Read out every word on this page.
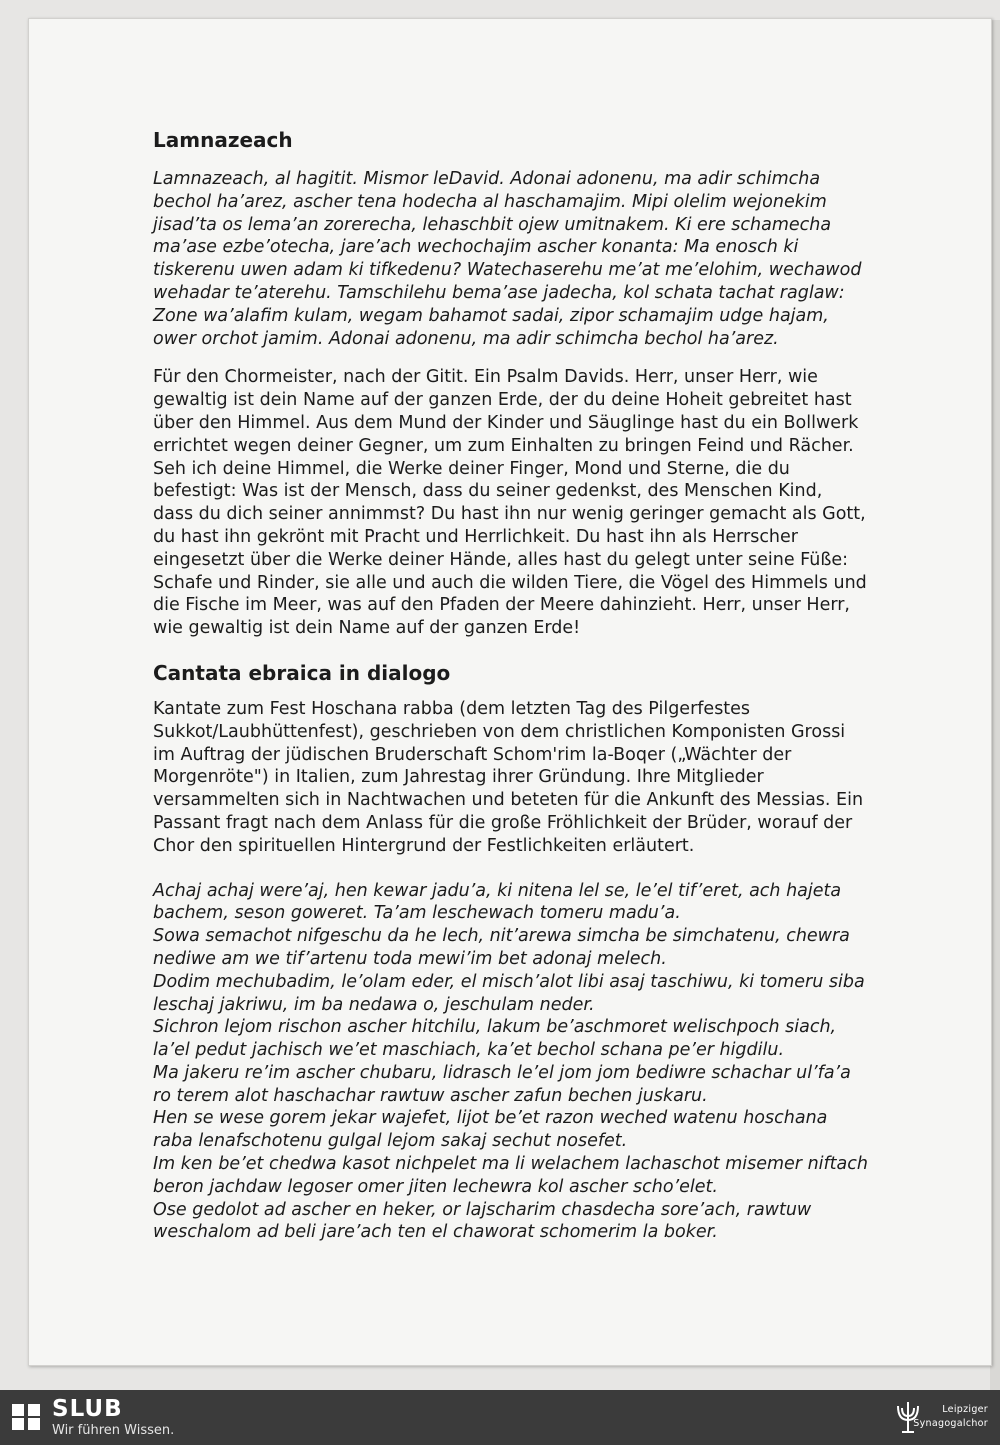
Lamnazeach

Lamnazeach, al hagitit. Mismor leDavid. Adonai adonenu, ma adir schimcha

bechol ha’arez, ascher tena hodecha al haschamajim. Mipi olelim wejonekim

jisad’ta os lema’an zorerecha, lehaschbit ojew umitnakem. Ki ere schamecha

ma’ase ezbe’otecha, jare’ach wechochajim ascher konanta: Ma enosch ki

tiskerenu uwen adam ki tifkedenu? Watechaserehu me’at me’elohim, wechawod

wehadar te’aterehu. Tamschilehu bema’ase jadecha, kol schata tachat raglaw:

Zone wa’alafim kulam, wegam bahamot sadai, zipor schamajim udge hajam,

ower orchot jamim. Adonai adonenu, ma adir schimcha bechol ha’arez.

Für den Chormeister, nach der Gitit. Ein Psalm Davids. Herr, unser Herr, wie

gewaltig ist dein Name auf der ganzen Erde, der du deine Hoheit gebreitet hast

über den Himmel. Aus dem Mund der Kinder und Säuglinge hast du ein Bollwerk

errichtet wegen deiner Gegner, um zum Einhalten zu bringen Feind und Rächer.

Seh ich deine Himmel, die Werke deiner Finger, Mond und Sterne, die du

befestigt: Was ist der Mensch, dass du seiner gedenkst, des Menschen Kind,

dass du dich seiner annimmst? Du hast ihn nur wenig geringer gemacht als Gott,

du hast ihn gekrönt mit Pracht und Herrlichkeit. Du hast ihn als Herrscher

eingesetzt über die Werke deiner Hände, alles hast du gelegt unter seine Füße:

Schafe und Rinder, sie alle und auch die wilden Tiere, die Vögel des Himmels und

die Fische im Meer, was auf den Pfaden der Meere dahinzieht. Herr, unser Herr,

wie gewaltig ist dein Name auf der ganzen Erde!

Cantata ebraica in dialogo

Kantate zum Fest Hoschana rabba (dem letzten Tag des Pilgerfestes

Sukkot/Laubhüttenfest), geschrieben von dem christlichen Komponisten Grossi

im Auftrag der jüdischen Bruderschaft Schom'rim la-Boqer („Wächter der

Morgenröte") in Italien, zum Jahrestag ihrer Gründung. Ihre Mitglieder

versammelten sich in Nachtwachen und beteten für die Ankunft des Messias. Ein

Passant fragt nach dem Anlass für die große Fröhlichkeit der Brüder, worauf der

Chor den spirituellen Hintergrund der Festlichkeiten erläutert.

Achaj achaj were’aj, hen kewar jadu’a, ki nitena lel se, le’el tif’eret, ach hajeta

bachem, seson goweret. Ta’am leschewach tomeru madu’a.

Sowa semachot nifgeschu da he lech, nit’arewa simcha be simchatenu, chewra

nediwe am we tif’artenu toda mewi’im bet adonaj melech.

Dodim mechubadim, le’olam eder, el misch’alot libi asaj taschiwu, ki tomeru siba

leschaj jakriwu, im ba nedawa o, jeschulam neder.

Sichron lejom rischon ascher hitchilu, lakum be’aschmoret welischpoch siach,

la’el pedut jachisch we’et maschiach, ka’et bechol schana pe’er higdilu.

Ma jakeru re’im ascher chubaru, lidrasch le’el jom jom bediwre schachar ul’fa’a

ro terem alot haschachar rawtuw ascher zafun bechen juskaru.

Hen se wese gorem jekar wajefet, lijot be’et razon weched watenu hoschana

raba lenafschotenu gulgal lejom sakaj sechut nosefet.

Im ken be’et chedwa kasot nichpelet ma li welachem lachaschot misemer niftach

beron jachdaw legoser omer jiten lechewra kol ascher scho’elet.

Ose gedolot ad ascher en heker, or lajscharim chasdecha sore’ach, rawtuw

weschalom ad beli jare’ach ten el chaworat schomerim la boker.

SLUB
Wir führen Wissen.
Leipziger
Synagogalchor
